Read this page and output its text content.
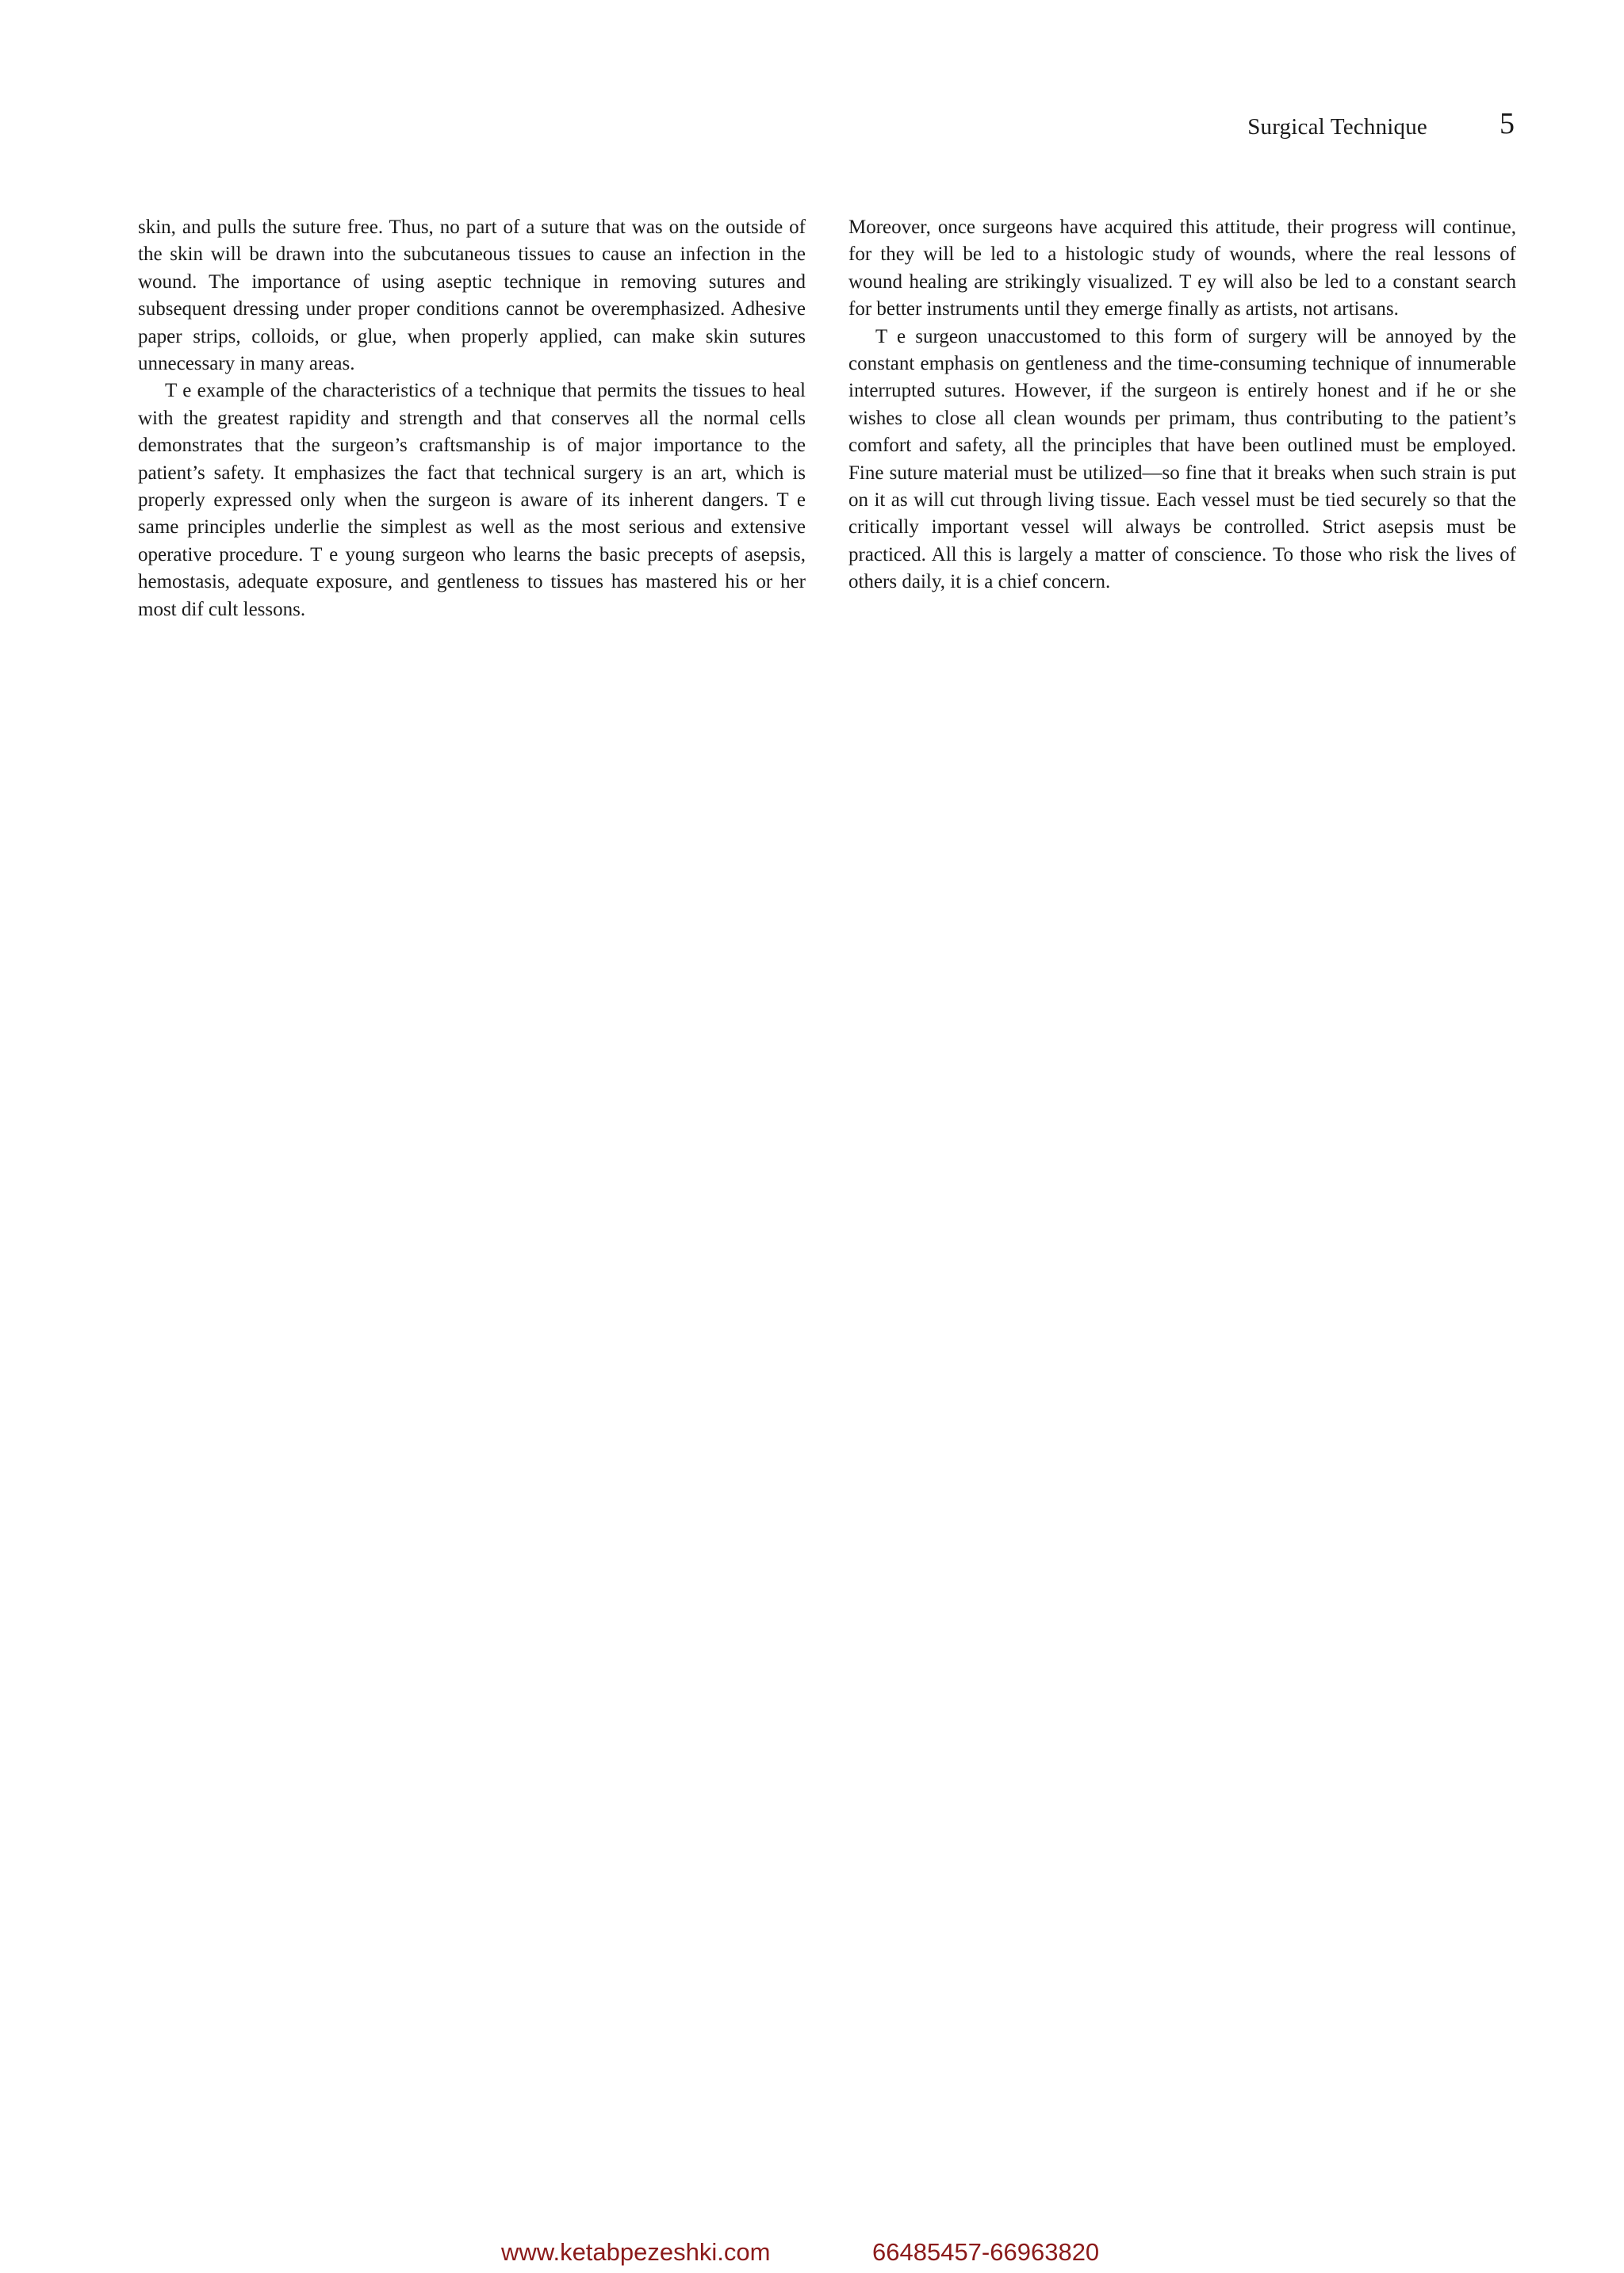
Surgical Technique 5

skin, and pulls the suture free. Thus, no part of a suture that was on the outside of the skin will be drawn into the subcutaneous tissues to cause an infection in the wound. The importance of using aseptic technique in removing sutures and subsequent dressing under proper conditions cannot be overemphasized. Adhesive paper strips, colloids, or glue, when properly applied, can make skin sutures unnecessary in many areas.

T e example of the characteristics of a technique that permits the tissues to heal with the greatest rapidity and strength and that conserves all the normal cells demonstrates that the surgeon’s craftsmanship is of major importance to the patient’s safety. It emphasizes the fact that technical surgery is an art, which is properly expressed only when the surgeon is aware of its inherent dangers. T e same principles underlie the simplest as well as the most serious and extensive operative procedure. T e young surgeon who learns the basic precepts of asepsis, hemostasis, adequate exposure, and gentleness to tissues has mastered his or her most dif cult lessons.

Moreover, once surgeons have acquired this attitude, their progress will continue, for they will be led to a histologic study of wounds, where the real lessons of wound healing are strikingly visualized. T ey will also be led to a constant search for better instruments until they emerge finally as artists, not artisans.

T e surgeon unaccustomed to this form of surgery will be annoyed by the constant emphasis on gentleness and the time-consuming technique of innumerable interrupted sutures. However, if the surgeon is entirely honest and if he or she wishes to close all clean wounds per primam, thus contributing to the patient’s comfort and safety, all the principles that have been outlined must be employed. Fine suture material must be utilized—so fine that it breaks when such strain is put on it as will cut through living tissue. Each vessel must be tied securely so that the critically important vessel will always be controlled. Strict asepsis must be practiced. All this is largely a matter of conscience. To those who risk the lives of others daily, it is a chief concern.

www.ketabpezeshki.com	66485457-66963820
